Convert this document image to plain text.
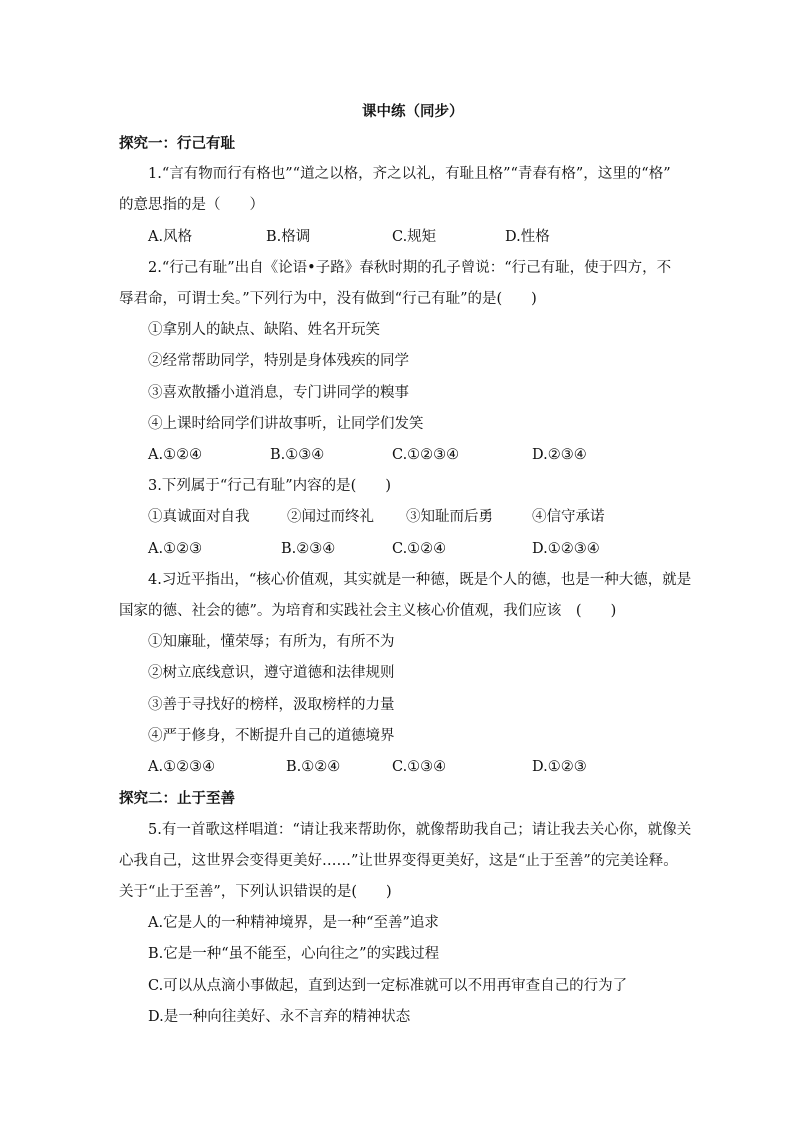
课中练（同步）
探究一：行己有耻
1.“言有物而行有格也”“道之以格，齐之以礼，有耻且格”“青春有格”，这里的“格”
的意思指的是（　　）
A.风格	B.格调	C.规矩	D.性格
2.“行己有耻”出自《论语•子路》春秋时期的孔子曾说：“行己有耻，使于四方，不
辱君命，可谓士矣。”下列行为中，没有做到“行己有耻”的是(　　)
①拿别人的缺点、缺陷、姓名开玩笑
②经常帮助同学，特别是身体残疾的同学
③喜欢散播小道消息，专门讲同学的糗事
④上课时给同学们讲故事听，让同学们发笑
A.①②④	B.①③④	C.①②③④	D.②③④
3.下列属于“行己有耻”内容的是(　　)
①真诚面对自我	②闻过而终礼 ③知耻而后勇	④信守承诺
A.①②③	B.②③④	C.①②④	D.①②③④
4.习近平指出，“核心价值观，其实就是一种德，既是个人的德，也是一种大德，就是
国家的德、社会的德”。为培育和实践社会主义核心价值观，我们应该　(　　)
①知廉耻，懂荣辱；有所为，有所不为
②树立底线意识，遵守道德和法律规则
③善于寻找好的榜样，汲取榜样的力量
④严于修身，不断提升自己的道德境界
A.①②③④	B.①②④	C.①③④	D.①②③
探究二：止于至善
5.有一首歌这样唱道：“请让我来帮助你，就像帮助我自己；请让我去关心你，就像关
心我自己，这世界会变得更美好……”让世界变得更美好，这是“止于至善”的完美诠释。
关于“止于至善”，下列认识错误的是(　　)
A.它是人的一种精神境界，是一种“至善”追求
B.它是一种“虽不能至，心向往之”的实践过程
C.可以从点滴小事做起，直到达到一定标准就可以不用再审查自己的行为了
D.是一种向往美好、永不言弃的精神状态
